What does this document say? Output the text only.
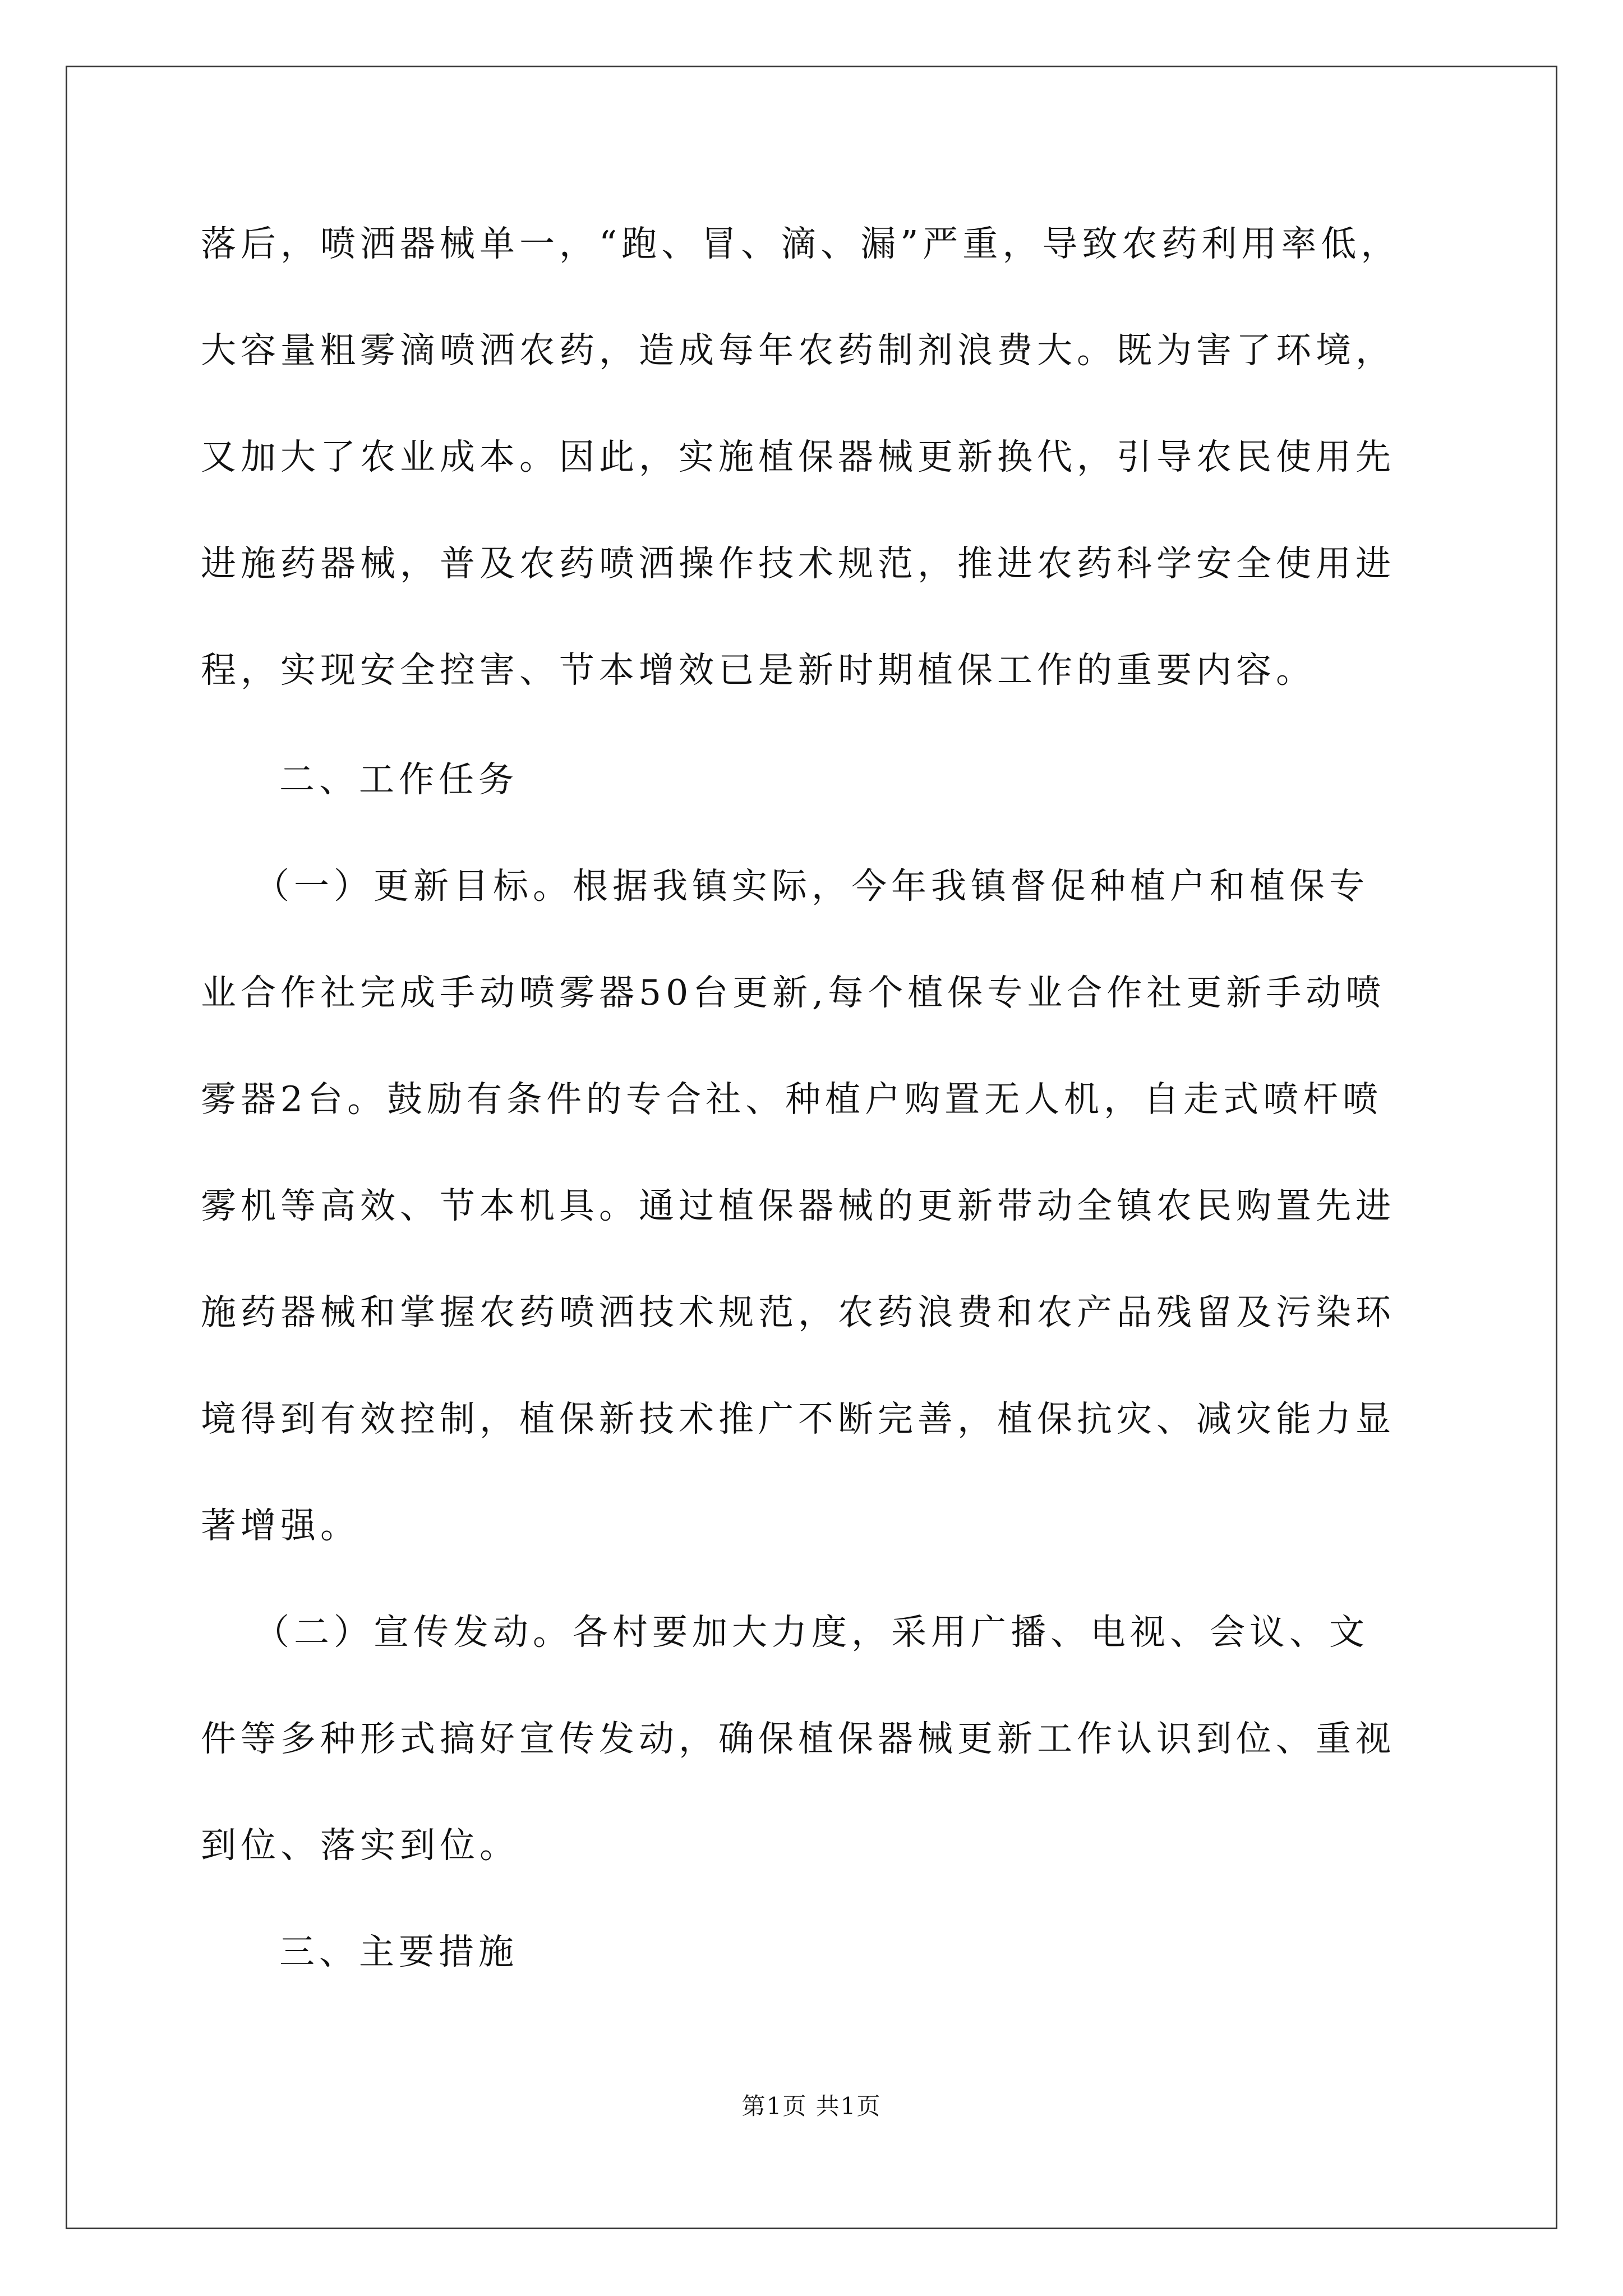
落后，喷洒器械单一，“跑、冒、滴、漏”严重，导致农药利用率低，
大容量粗雾滴喷洒农药，造成每年农药制剂浪费大。既为害了环境，
又加大了农业成本。因此，实施植保器械更新换代，引导农民使用先
进施药器械，普及农药喷洒操作技术规范，推进农药科学安全使用进
程，实现安全控害、节本增效已是新时期植保工作的重要内容。
二、工作任务
（一）更新目标。根据我镇实际，今年我镇督促种植户和植保专
业合作社完成手动喷雾器50台更新,每个植保专业合作社更新手动喷
雾器2台。鼓励有条件的专合社、种植户购置无人机，自走式喷杆喷
雾机等高效、节本机具。通过植保器械的更新带动全镇农民购置先进
施药器械和掌握农药喷洒技术规范，农药浪费和农产品残留及污染环
境得到有效控制，植保新技术推广不断完善，植保抗灾、减灾能力显
著增强。
（二）宣传发动。各村要加大力度，采用广播、电视、会议、文
件等多种形式搞好宣传发动，确保植保器械更新工作认识到位、重视
到位、落实到位。
三、主要措施
第1页 共1页
